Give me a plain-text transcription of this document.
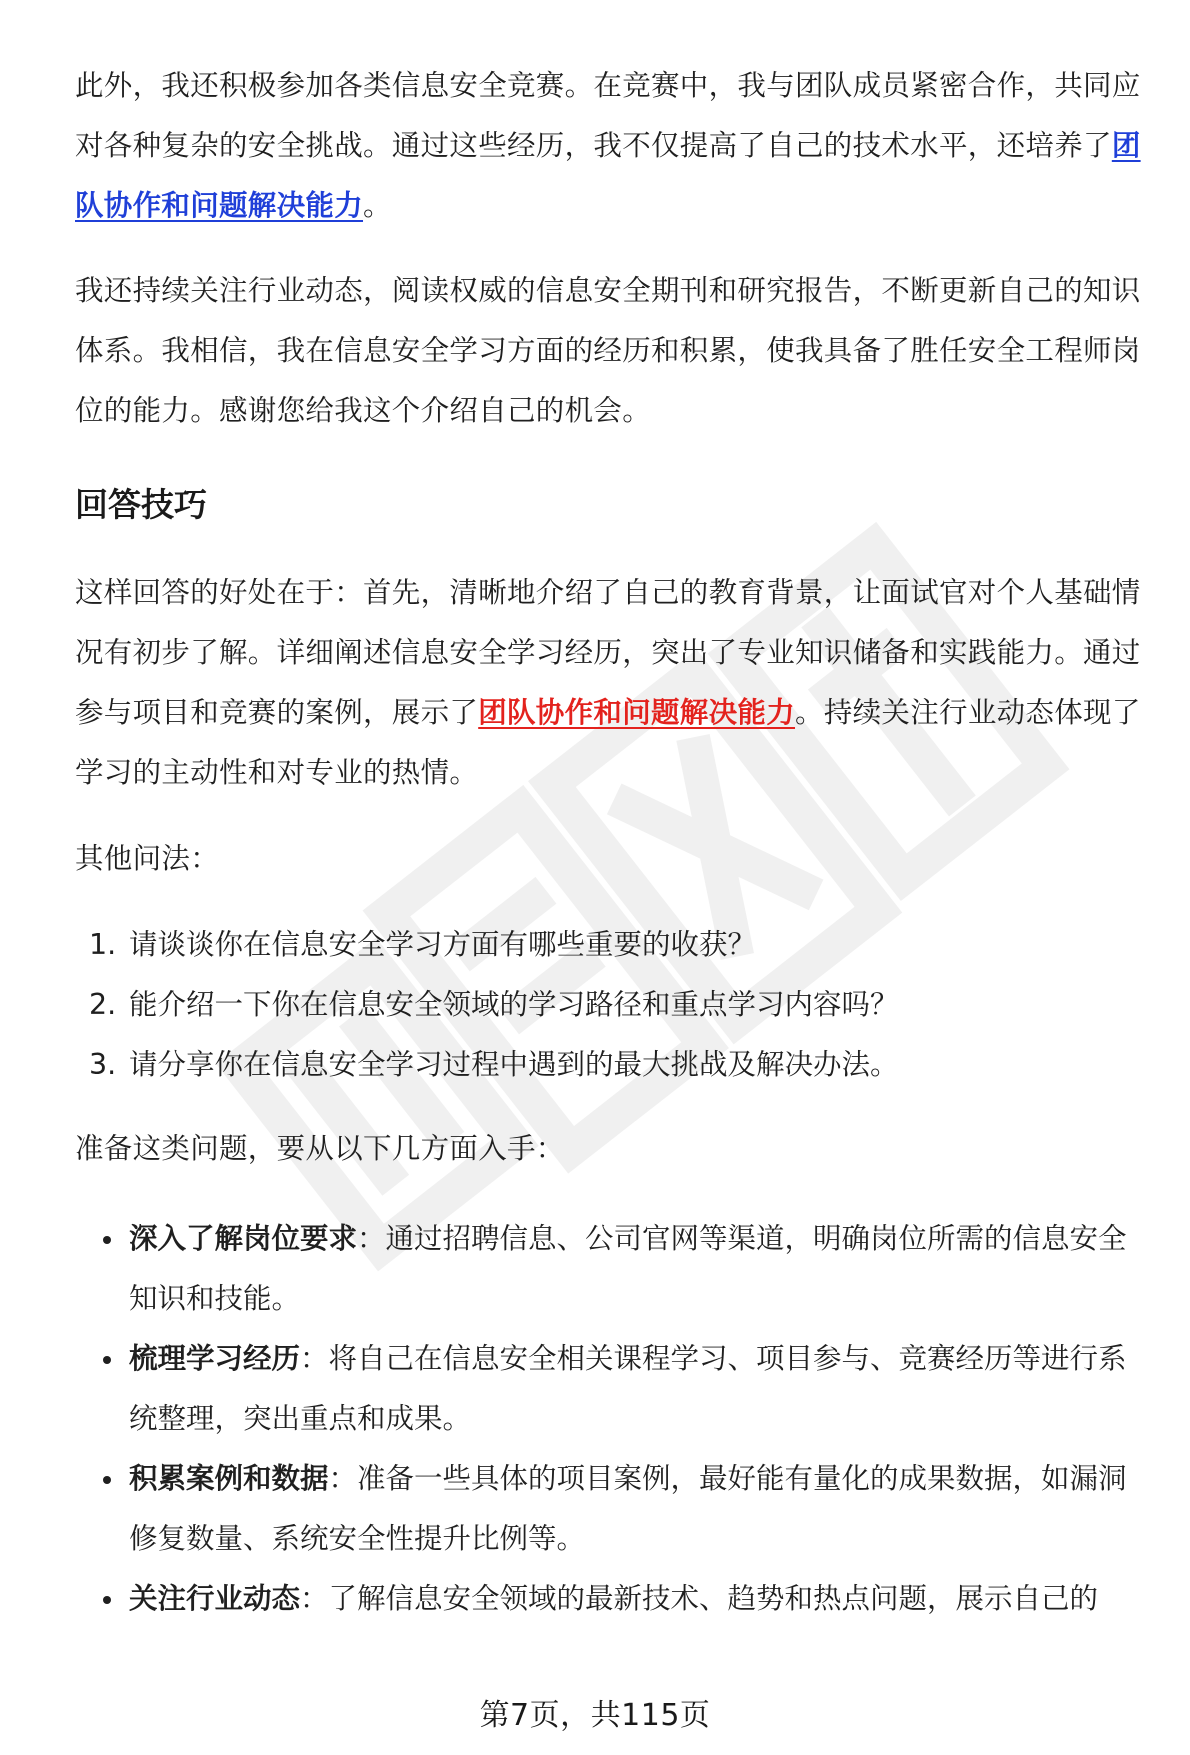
此外，我还积极参加各类信息安全竞赛。在竞赛中，我与团队成员紧密合作，共同应对各种复杂的安全挑战。通过这些经历，我不仅提高了自己的技术水平，还培养了团队协作和问题解决能力。

我还持续关注行业动态，阅读权威的信息安全期刊和研究报告，不断更新自己的知识体系。我相信，我在信息安全学习方面的经历和积累，使我具备了胜任安全工程师岗位的能力。感谢您给我这个介绍自己的机会。

回答技巧

这样回答的好处在于：首先，清晰地介绍了自己的教育背景，让面试官对个人基础情况有初步了解。详细阐述信息安全学习经历，突出了专业知识储备和实践能力。通过参与项目和竞赛的案例，展示了团队协作和问题解决能力。持续关注行业动态体现了学习的主动性和对专业的热情。

其他问法：

1. 请谈谈你在信息安全学习方面有哪些重要的收获？
2. 能介绍一下你在信息安全领域的学习路径和重点学习内容吗？
3. 请分享你在信息安全学习过程中遇到的最大挑战及解决办法。

准备这类问题，要从以下几方面入手：

深入了解岗位要求：通过招聘信息、公司官网等渠道，明确岗位所需的信息安全知识和技能。
梳理学习经历：将自己在信息安全相关课程学习、项目参与、竞赛经历等进行系统整理，突出重点和成果。
积累案例和数据：准备一些具体的项目案例，最好能有量化的成果数据，如漏洞修复数量、系统安全性提升比例等。
关注行业动态：了解信息安全领域的最新技术、趋势和热点问题，展示自己的
第7页，共115页
